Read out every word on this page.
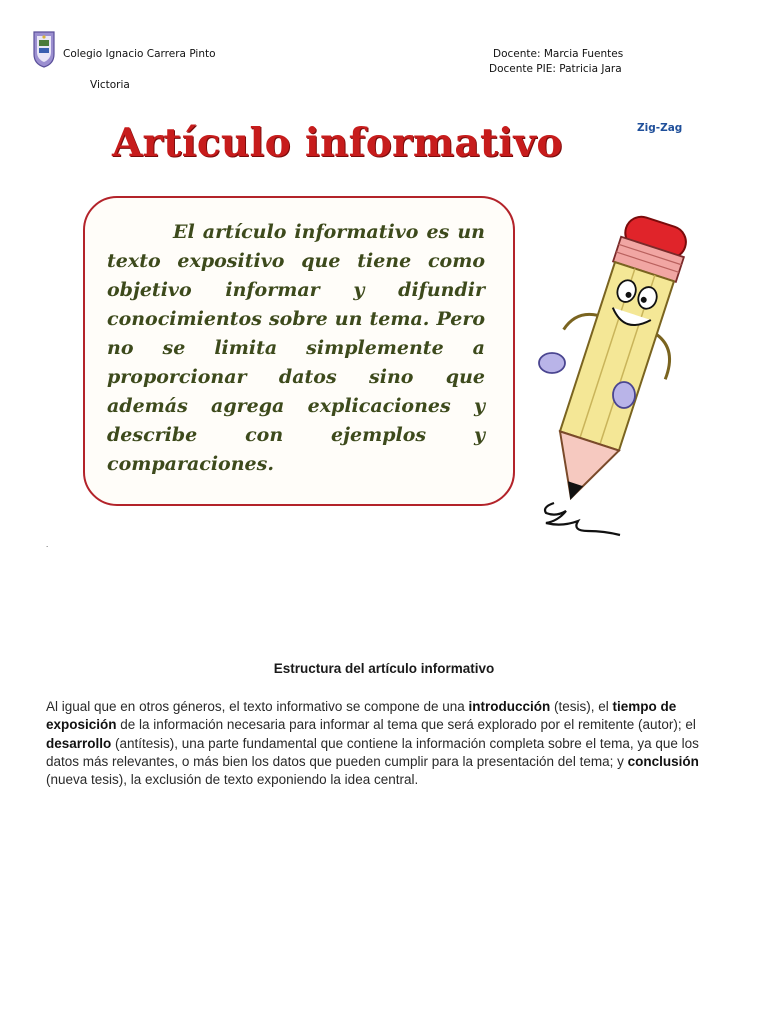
Colegio Ignacio Carrera Pinto
Victoria
Docente: Marcia Fuentes
Docente PIE: Patricia Jara
Artículo informativo	Zig-Zag

El artículo informativo es un texto expositivo que tiene como objetivo informar y difundir conocimientos sobre un tema. Pero no se limita simplemente a proporcionar datos sino que además agrega explicaciones y describe con ejemplos y comparaciones.

.
Estructura del artículo informativo

Al igual que en otros géneros, el texto informativo se compone de una introducción (tesis), el tiempo de exposición de la información necesaria para informar al tema que será explorado por el remitente (autor); el desarrollo (antítesis), una parte fundamental que contiene la información completa sobre el tema, ya que los datos más relevantes, o más bien los datos que pueden cumplir para la presentación del tema; y conclusión (nueva tesis), la exclusión de texto exponiendo la idea central.
